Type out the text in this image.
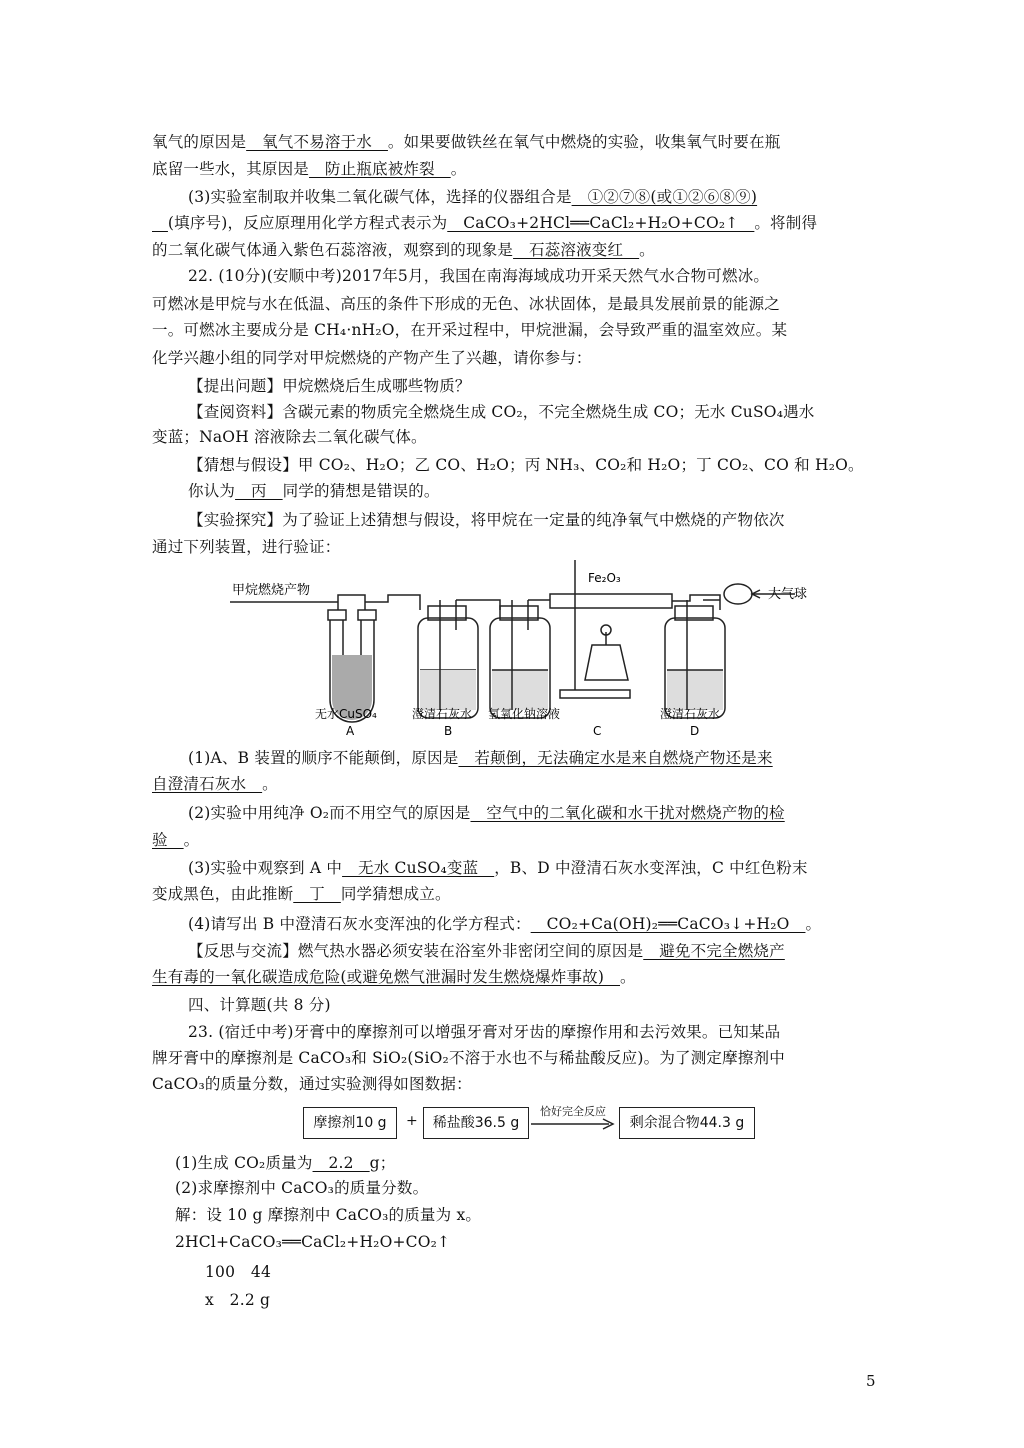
氧气的原因是__氧气不易溶于水__。如果要做铁丝在氧气中燃烧的实验，收集氧气时要在瓶
底留一些水，其原因是__防止瓶底被炸裂__。
(3)实验室制取并收集二氧化碳气体，选择的仪器组合是__①②⑦⑧(或①②⑥⑧⑨)
__(填序号)，反应原理用化学方程式表示为__CaCO₃+2HCl══CaCl₂+H₂O+CO₂↑__。将制得
的二氧化碳气体通入紫色石蕊溶液，观察到的现象是__石蕊溶液变红__。
22. (10分)(安顺中考)2017年5月，我国在南海海域成功开采天然气水合物可燃冰。
可燃冰是甲烷与水在低温、高压的条件下形成的无色、冰状固体，是最具发展前景的能源之
一。可燃冰主要成分是 CH₄·nH₂O，在开采过程中，甲烷泄漏，会导致严重的温室效应。某
化学兴趣小组的同学对甲烷燃烧的产物产生了兴趣，请你参与：
【提出问题】甲烷燃烧后生成哪些物质？
【查阅资料】含碳元素的物质完全燃烧生成 CO₂，不完全燃烧生成 CO；无水 CuSO₄遇水
变蓝；NaOH 溶液除去二氧化碳气体。
【猜想与假设】甲 CO₂、H₂O；乙 CO、H₂O；丙 NH₃、CO₂和 H₂O；丁 CO₂、CO 和 H₂O。
你认为__丙__同学的猜想是错误的。
【实验探究】为了验证上述猜想与假设，将甲烷在一定量的纯净氧气中燃烧的产物依次
通过下列装置，进行验证：
(1)A、B 装置的顺序不能颠倒，原因是__若颠倒，无法确定水是来自燃烧产物还是来
自澄清石灰水__。
(2)实验中用纯净 O₂而不用空气的原因是__空气中的二氧化碳和水干扰对燃烧产物的检
验__。
(3)实验中观察到 A 中__无水 CuSO₄变蓝__，B、D 中澄清石灰水变浑浊，C 中红色粉末
变成黑色，由此推断__丁__同学猜想成立。
(4)请写出 B 中澄清石灰水变浑浊的化学方程式：__CO₂+Ca(OH)₂══CaCO₃↓+H₂O__。
【反思与交流】燃气热水器必须安装在浴室外非密闭空间的原因是__避免不完全燃烧产
生有毒的一氧化碳造成危险(或避免燃气泄漏时发生燃烧爆炸事故)__。
四、计算题(共 8 分)
23. (宿迁中考)牙膏中的摩擦剂可以增强牙膏对牙齿的摩擦作用和去污效果。已知某品
牌牙膏中的摩擦剂是 CaCO₃和 SiO₂(SiO₂不溶于水也不与稀盐酸反应)。为了测定摩擦剂中
CaCO₃的质量分数，通过实验测得如图数据：
(1)生成 CO₂质量为__2.2__g；
(2)求摩擦剂中 CaCO₃的质量分数。
解：设 10 g 摩擦剂中 CaCO₃的质量为 x。
2HCl+CaCO₃══CaCl₂+H₂O+CO₂↑
100　44
x　2.2 g
甲烷燃烧产物
Fe₂O₃
大气球
无水CuSO₄	澄清石灰水 氢氧化钠溶液	澄清石灰水
A	B	C	D
摩擦剂10 g	+	稀盐酸36.5 g
恰好完全反应
剩余混合物44.3 g
5
